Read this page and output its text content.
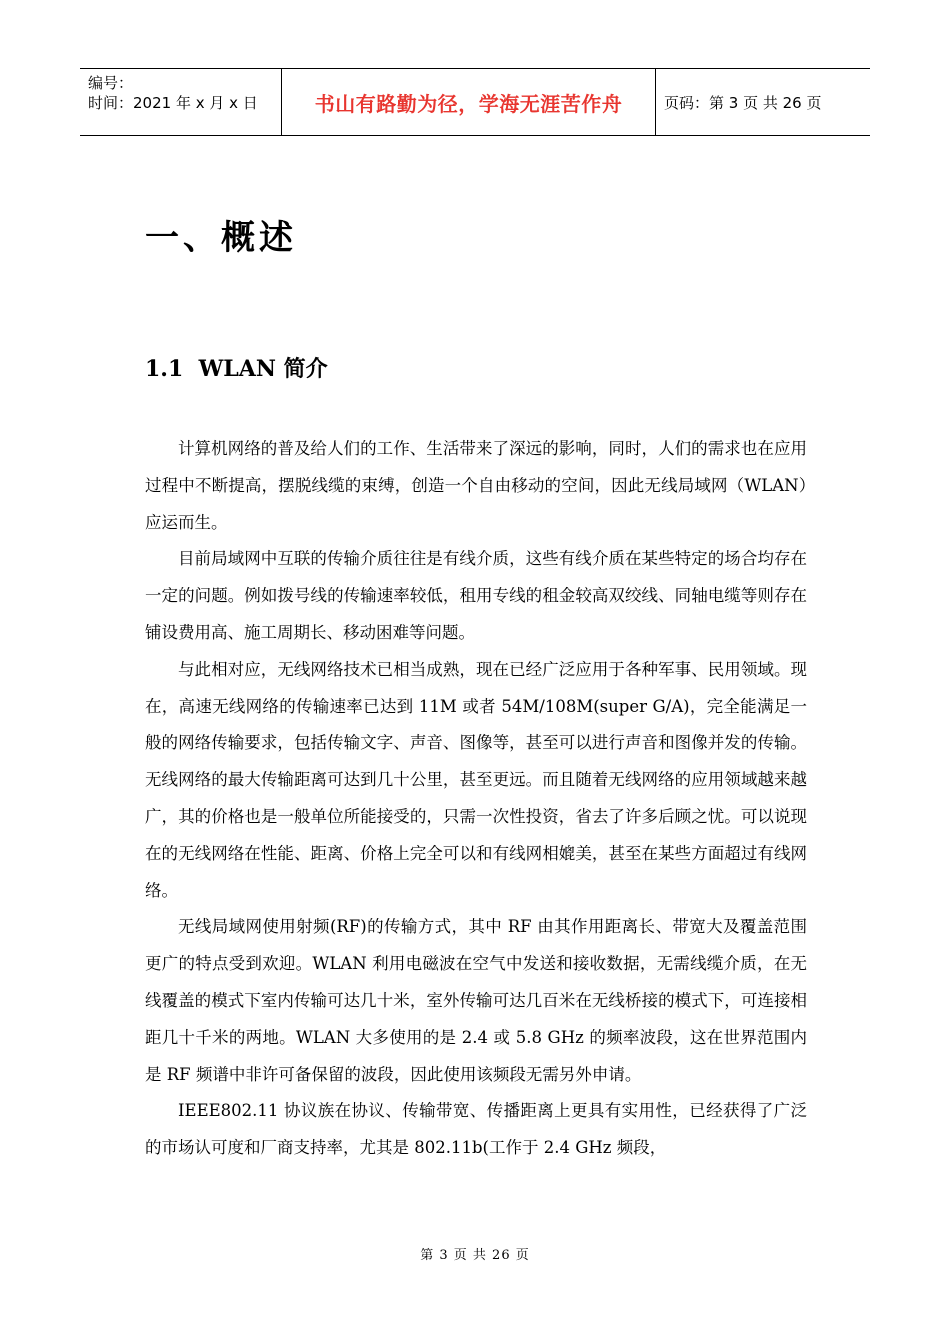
编号：
时间：2021 年 x 月 x 日	书山有路勤为径，学海无涯苦作舟	页码：第 3 页 共 26 页
一、概述
1.1  WLAN 简介

计算机网络的普及给人们的工作、生活带来了深远的影响，同时，人们的需求也在应用过程中不断提高，摆脱线缆的束缚，创造一个自由移动的空间，因此无线局域网（WLAN）应运而生。

目前局域网中互联的传输介质往往是有线介质，这些有线介质在某些特定的场合均存在一定的问题。例如拨号线的传输速率较低，租用专线的租金较高双绞线、同轴电缆等则存在铺设费用高、施工周期长、移动困难等问题。

与此相对应，无线网络技术已相当成熟，现在已经广泛应用于各种军事、民用领域。现在，高速无线网络的传输速率已达到 11M 或者 54M/108M(super G/A)，完全能满足一般的网络传输要求，包括传输文字、声音、图像等，甚至可以进行声音和图像并发的传输。无线网络的最大传输距离可达到几十公里，甚至更远。而且随着无线网络的应用领域越来越广，其的价格也是一般单位所能接受的，只需一次性投资，省去了许多后顾之忧。可以说现在的无线网络在性能、距离、价格上完全可以和有线网相媲美，甚至在某些方面超过有线网络。

无线局域网使用射频(RF)的传输方式，其中 RF 由其作用距离长、带宽大及覆盖范围更广的特点受到欢迎。WLAN 利用电磁波在空气中发送和接收数据，无需线缆介质，在无线覆盖的模式下室内传输可达几十米，室外传输可达几百米在无线桥接的模式下，可连接相距几十千米的两地。WLAN 大多使用的是 2.4 或 5.8 GHz 的频率波段，这在世界范围内是 RF 频谱中非许可备保留的波段，因此使用该频段无需另外申请。

IEEE802.11 协议族在协议、传输带宽、传播距离上更具有实用性，已经获得了广泛的市场认可度和厂商支持率，尤其是 802.11b(工作于 2.4 GHz 频段，

第 3 页 共 26 页
